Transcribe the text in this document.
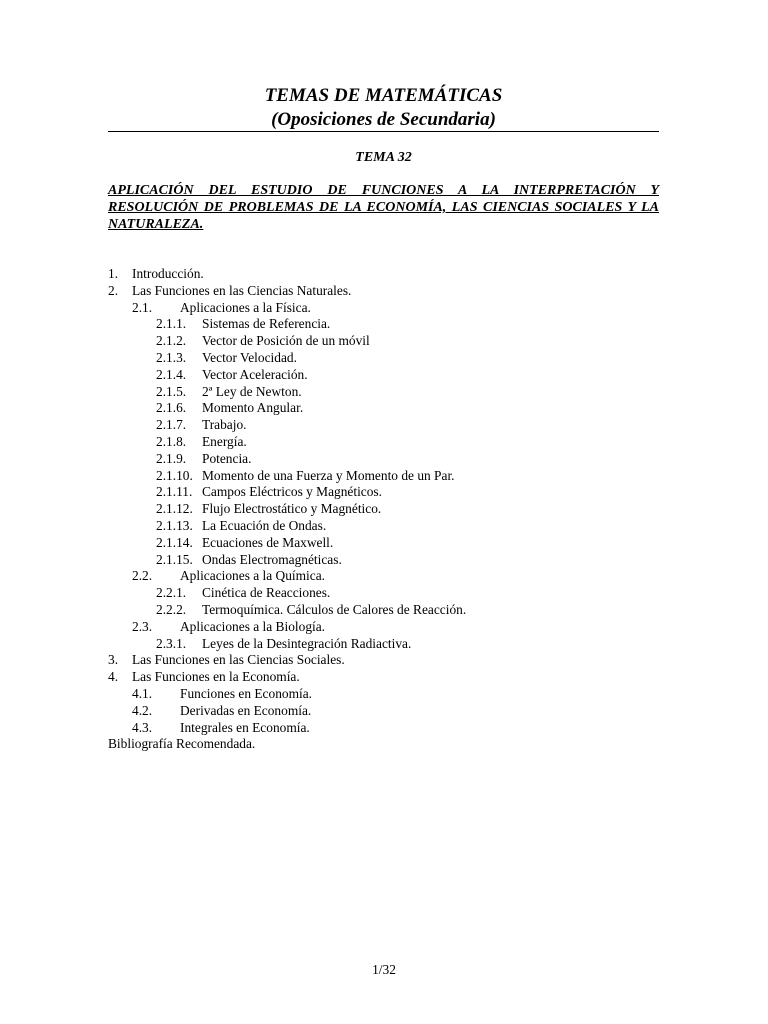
TEMAS DE MATEMÁTICAS

(Oposiciones de Secundaria)

TEMA 32

APLICACIÓN DEL ESTUDIO DE FUNCIONES A LA INTERPRETACIÓN Y RESOLUCIÓN DE PROBLEMAS DE LA ECONOMÍA, LAS CIENCIAS SOCIALES Y LA NATURALEZA.

1.	Introducción.
2.	Las Funciones en las Ciencias Naturales.
2.1.	Aplicaciones a la Física.
2.1.1.	Sistemas de Referencia.
2.1.2.	Vector de Posición de un móvil
2.1.3.	Vector Velocidad.
2.1.4.	Vector Aceleración.
2.1.5.	2ª Ley de Newton.
2.1.6.	Momento Angular.
2.1.7.	Trabajo.
2.1.8.	Energía.
2.1.9.	Potencia.
2.1.10. Momento de una Fuerza y Momento de un Par.
2.1.11. Campos Eléctricos y Magnéticos.
2.1.12. Flujo Electrostático y Magnético.
2.1.13. La Ecuación de Ondas.
2.1.14. Ecuaciones de Maxwell.
2.1.15. Ondas Electromagnéticas.
2.2.	Aplicaciones a la Química.
2.2.1.	Cinética de Reacciones.
2.2.2.	Termoquímica. Cálculos de Calores de Reacción.
2.3.	Aplicaciones a la Biología.
2.3.1.	Leyes de la Desintegración Radiactiva.
3.	Las Funciones en las Ciencias Sociales.
4.	Las Funciones en la Economía.
4.1.	Funciones en Economía.
4.2.	Derivadas en Economía.
4.3.	Integrales en Economía.
Bibliografía Recomendada.
1/32
